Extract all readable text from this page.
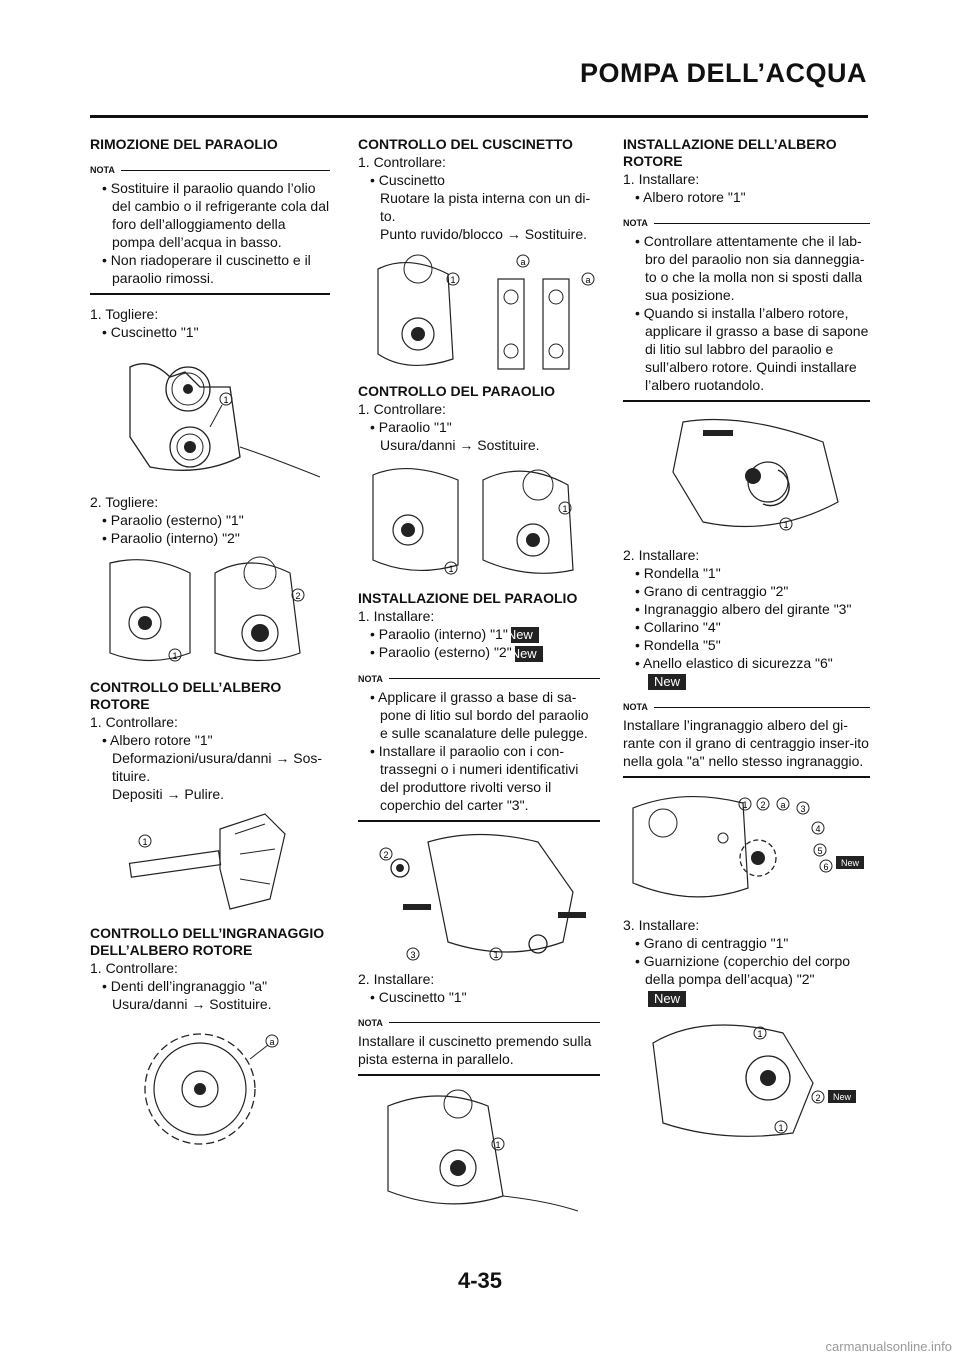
POMPA DELL’ACQUA
RIMOZIONE DEL PARAOLIO
NOTA
• Sostituire il paraolio quando l’olio del cambio o il refrigerante cola dal foro dell’alloggiamento della pompa dell’acqua in basso.
• Non riadoperare il cuscinetto e il paraolio rimossi.
1. Togliere:
• Cuscinetto "1"
1
2. Togliere:
• Paraolio (esterno) "1"
• Paraolio (interno) "2"
1
2
CONTROLLO DELL’ALBERO ROTORE
1. Controllare:
• Albero rotore "1"
Deformazioni/usura/danni → Sos-tituire.
Depositi → Pulire.
1
CONTROLLO DELL’INGRANAGGIO DELL’ALBERO ROTORE
1. Controllare:
• Denti dell’ingranaggio "a"
Usura/danni → Sostituire.
a
CONTROLLO DEL CUSCINETTO
1. Controllare:
• Cuscinetto
Ruotare la pista interna con un di-to.
Punto ruvido/blocco → Sostituire.
1
a
a
CONTROLLO DEL PARAOLIO
1. Controllare:
• Paraolio "1"
Usura/danni → Sostituire.
1
1
INSTALLAZIONE DEL PARAOLIO
1. Installare:
• Paraolio (interno) "1"New
• Paraolio (esterno) "2"New
NOTA
• Applicare il grasso a base di sa-pone di litio sul bordo del paraolio e sulle scanalature delle pulegge.
• Installare il paraolio con i con-trassegni o i numeri identificativi del produttore rivolti verso il coperchio del carter "3".
2
3	1
2. Installare:
• Cuscinetto "1"
NOTA
Installare il cuscinetto premendo sulla pista esterna in parallelo.
1
INSTALLAZIONE DELL’ALBERO ROTORE
1. Installare:
• Albero rotore "1"
NOTA
• Controllare attentamente che il lab-bro del paraolio non sia danneggia-to o che la molla non si sposti dalla sua posizione.
• Quando si installa l’albero rotore, applicare il grasso a base di sapone di litio sul labbro del paraolio e sull’albero rotore. Quindi installare l’albero ruotandolo.
1
2. Installare:
• Rondella "1"
• Grano di centraggio "2"
• Ingranaggio albero del girante "3"
• Collarino "4"
• Rondella "5"
• Anello elastico di sicurezza "6"
New
NOTA
Installare l’ingranaggio albero del gi-rante con il grano di centraggio inser-ito nella gola "a" nello stesso ingranaggio.
1 2 a 3
4
5
6 New
3. Installare:
• Grano di centraggio "1"
• Guarnizione (coperchio del corpo della pompa dell’acqua) "2"
New
1
2 New
1
4-35
carmanualsonline.info
